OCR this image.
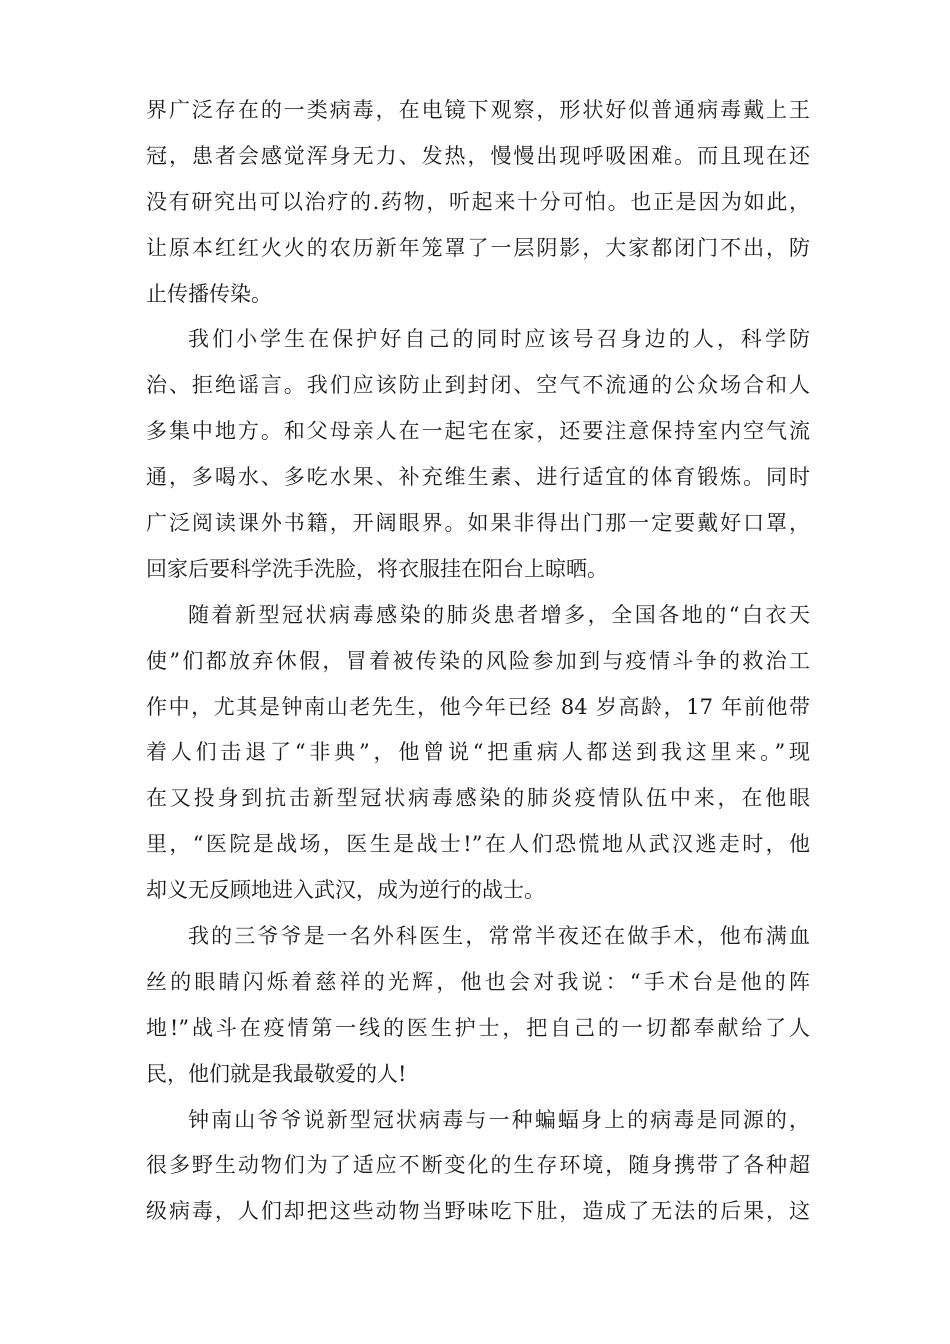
界广泛存在的一类病毒，在电镜下观察，形状好似普通病毒戴上王
冠，患者会感觉浑身无力、发热，慢慢出现呼吸困难。而且现在还
没有研究出可以治疗的.药物，听起来十分可怕。也正是因为如此，
让原本红红火火的农历新年笼罩了一层阴影，大家都闭门不出，防
止传播传染。
我们小学生在保护好自己的同时应该号召身边的人，科学防
治、拒绝谣言。我们应该防止到封闭、空气不流通的公众场合和人
多集中地方。和父母亲人在一起宅在家，还要注意保持室内空气流
通，多喝水、多吃水果、补充维生素、进行适宜的体育锻炼。同时
广泛阅读课外书籍，开阔眼界。如果非得出门那一定要戴好口罩，
回家后要科学洗手洗脸，将衣服挂在阳台上晾晒。
随着新型冠状病毒感染的肺炎患者增多，全国各地的“白衣天
使”们都放弃休假，冒着被传染的风险参加到与疫情斗争的救治工
作中，尤其是钟南山老先生，他今年已经 84 岁高龄，17 年前他带
着人们击退了“非典”，他曾说“把重病人都送到我这里来。”现
在又投身到抗击新型冠状病毒感染的肺炎疫情队伍中来，在他眼
里，“医院是战场，医生是战士!”在人们恐慌地从武汉逃走时，他
却义无反顾地进入武汉，成为逆行的战士。
我的三爷爷是一名外科医生，常常半夜还在做手术，他布满血
丝的眼睛闪烁着慈祥的光辉，他也会对我说：“手术台是他的阵
地!”战斗在疫情第一线的医生护士，把自己的一切都奉献给了人
民，他们就是我最敬爱的人!
钟南山爷爷说新型冠状病毒与一种蝙蝠身上的病毒是同源的，
很多野生动物们为了适应不断变化的生存环境，随身携带了各种超
级病毒，人们却把这些动物当野味吃下肚，造成了无法的后果，这
